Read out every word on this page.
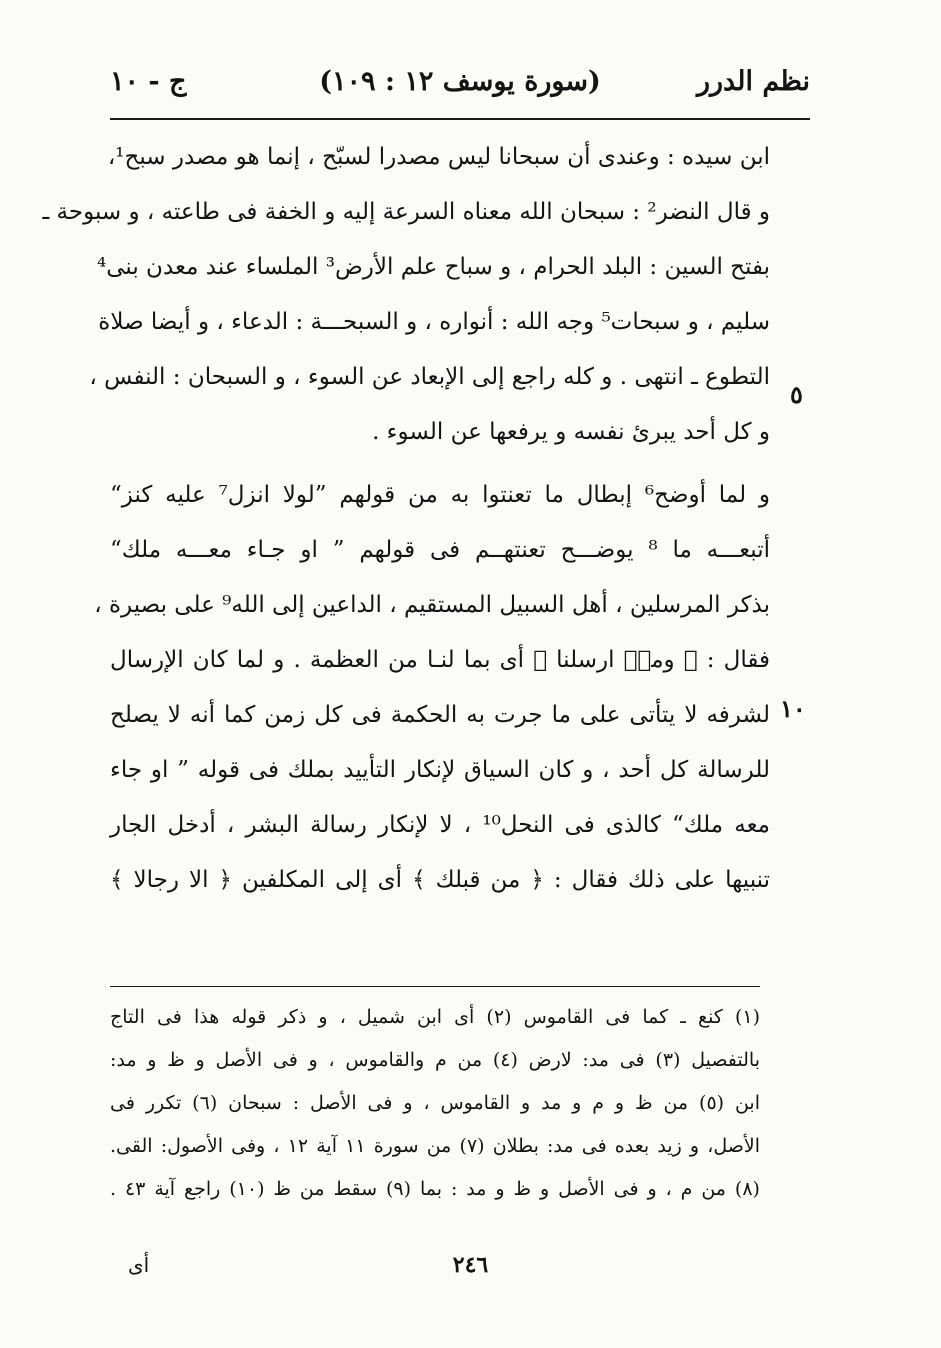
نظم الدرر
(سورة يوسف ١٢ : ١٠٩)
ج - ١٠
ابن سيده : وعندى أن سبحانا ليس مصدرا لسبّح ، إنما هو مصدر سبح¹،
و قال النضر² : سبحان الله معناه السرعة إليه و الخفة فى طاعته ، و سبوحة ـ
بفتح السين : البلد الحرام ، و سباح علم الأرض³ الملساء عند معدن بنى⁴
سليم ، و سبحات⁵ وجه الله : أنواره ، و السبحـــة : الدعاء ، و أيضا صلاة
التطوع ـ انتهى . و كله راجع إلى الإبعاد عن السوء ، و السبحان : النفس ،
و كل أحد يبرئ نفسه و يرفعها عن السوء .
و لما أوضح⁶ إبطال ما تعنتوا به من قولهم ”لولا انزل⁷ عليه كنز“
أتبعـــه ما ⁸ يوضـــح تعنتهــم فى قولهم ” او جـاء معـــه ملك“
بذكر المرسلين ، أهل السبيل المستقيم ، الداعين إلى الله⁹ على بصيرة ،
فقال : ﴿ وماۤ ارسلنا ﴾ أى بما لنـا من العظمة . و لما كان الإرسال
لشرفه لا يتأتى على ما جرت به الحكمة فى كل زمن كما أنه لا يصلح
للرسالة كل أحد ، و كان السياق لإنكار التأييد بملك فى قوله ” او جاء
معه ملك“ كالذى فى النحل¹⁰ ، لا لإنكار رسالة البشر ، أدخل الجار
تنبيها على ذلك فقال : ﴿ من قبلك ﴾ أى إلى المكلفين ﴿ الا رجالا ﴾
٥
١٠
(١) كنع ـ كما فى القاموس (٢) أى ابن شميل ، و ذكر قوله هذا فى التاج
بالتفصيل (٣) فى مد: لارض (٤) من م والقاموس ، و فى الأصل و ظ و مد:
ابن (٥) من ظ و م و مد و القاموس ، و فى الأصل : سبحان (٦) تكرر فى
الأصل، و زيد بعده فى مد: بطلان (٧) من سورة ١١ آية ١٢ ، وفى الأصول: القى.
(٨) من م ، و فى الأصل و ظ و مد : بما (٩) سقط من ظ (١٠) راجع آية ٤٣ .
٢٤٦
أى
